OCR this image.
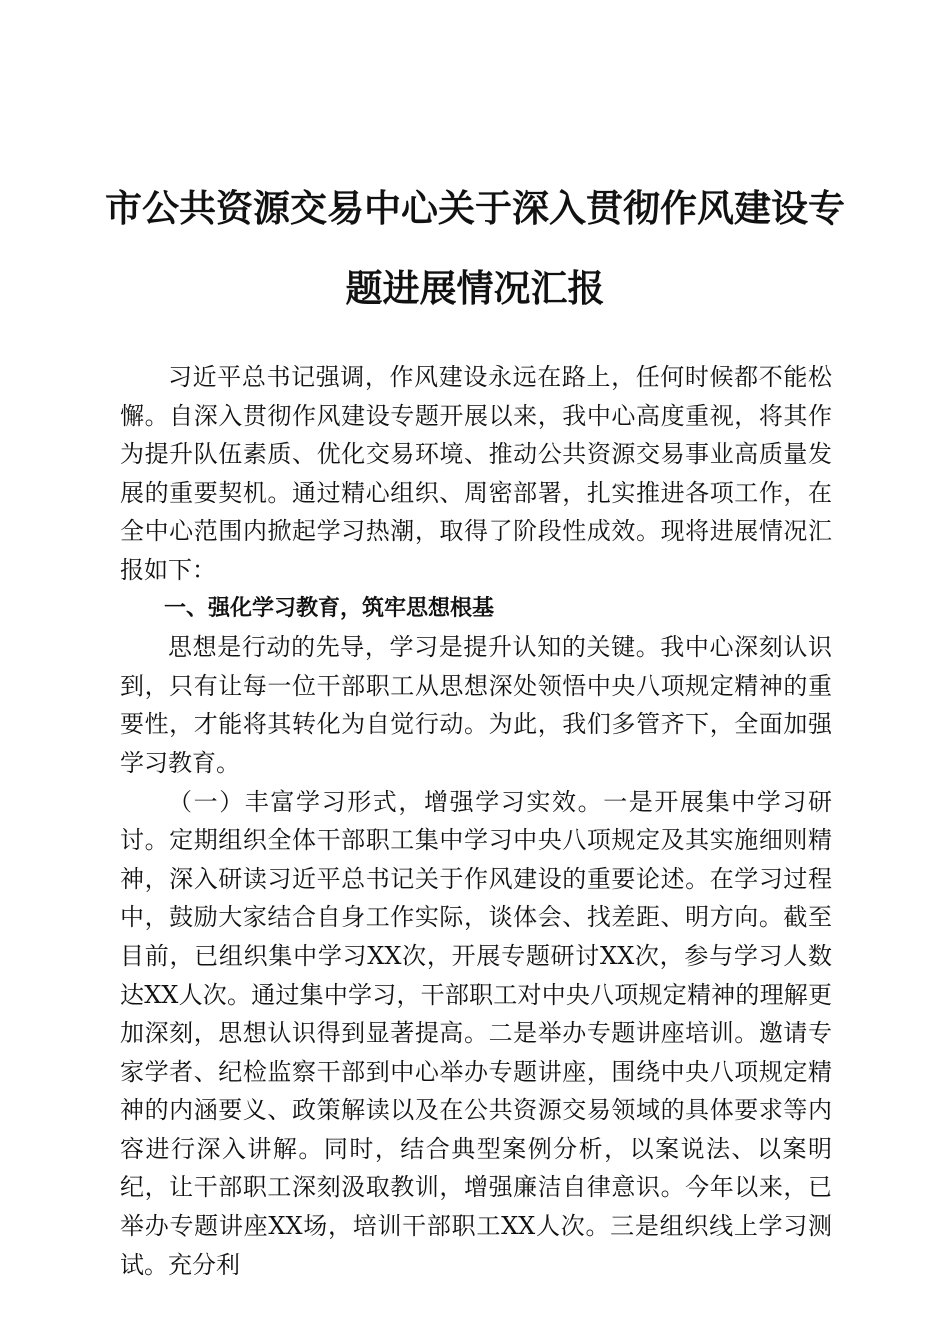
市公共资源交易中心关于深入贯彻作风建设专题进展情况汇报

习近平总书记强调，作风建设永远在路上，任何时候都不能松懈。自深入贯彻作风建设专题开展以来，我中心高度重视，将其作为提升队伍素质、优化交易环境、推动公共资源交易事业高质量发展的重要契机。通过精心组织、周密部署，扎实推进各项工作，在全中心范围内掀起学习热潮，取得了阶段性成效。现将进展情况汇报如下：

一、强化学习教育，筑牢思想根基

思想是行动的先导，学习是提升认知的关键。我中心深刻认识到，只有让每一位干部职工从思想深处领悟中央八项规定精神的重要性，才能将其转化为自觉行动。为此，我们多管齐下，全面加强学习教育。

（一）丰富学习形式，增强学习实效。一是开展集中学习研讨。定期组织全体干部职工集中学习中央八项规定及其实施细则精神，深入研读习近平总书记关于作风建设的重要论述。在学习过程中，鼓励大家结合自身工作实际，谈体会、找差距、明方向。截至目前，已组织集中学习XX次，开展专题研讨XX次，参与学习人数达XX人次。通过集中学习，干部职工对中央八项规定精神的理解更加深刻，思想认识得到显著提高。二是举办专题讲座培训。邀请专家学者、纪检监察干部到中心举办专题讲座，围绕中央八项规定精神的内涵要义、政策解读以及在公共资源交易领域的具体要求等内容进行深入讲解。同时，结合典型案例分析，以案说法、以案明纪，让干部职工深刻汲取教训，增强廉洁自律意识。今年以来，已举办专题讲座XX场，培训干部职工XX人次。三是组织线上学习测试。充分利
